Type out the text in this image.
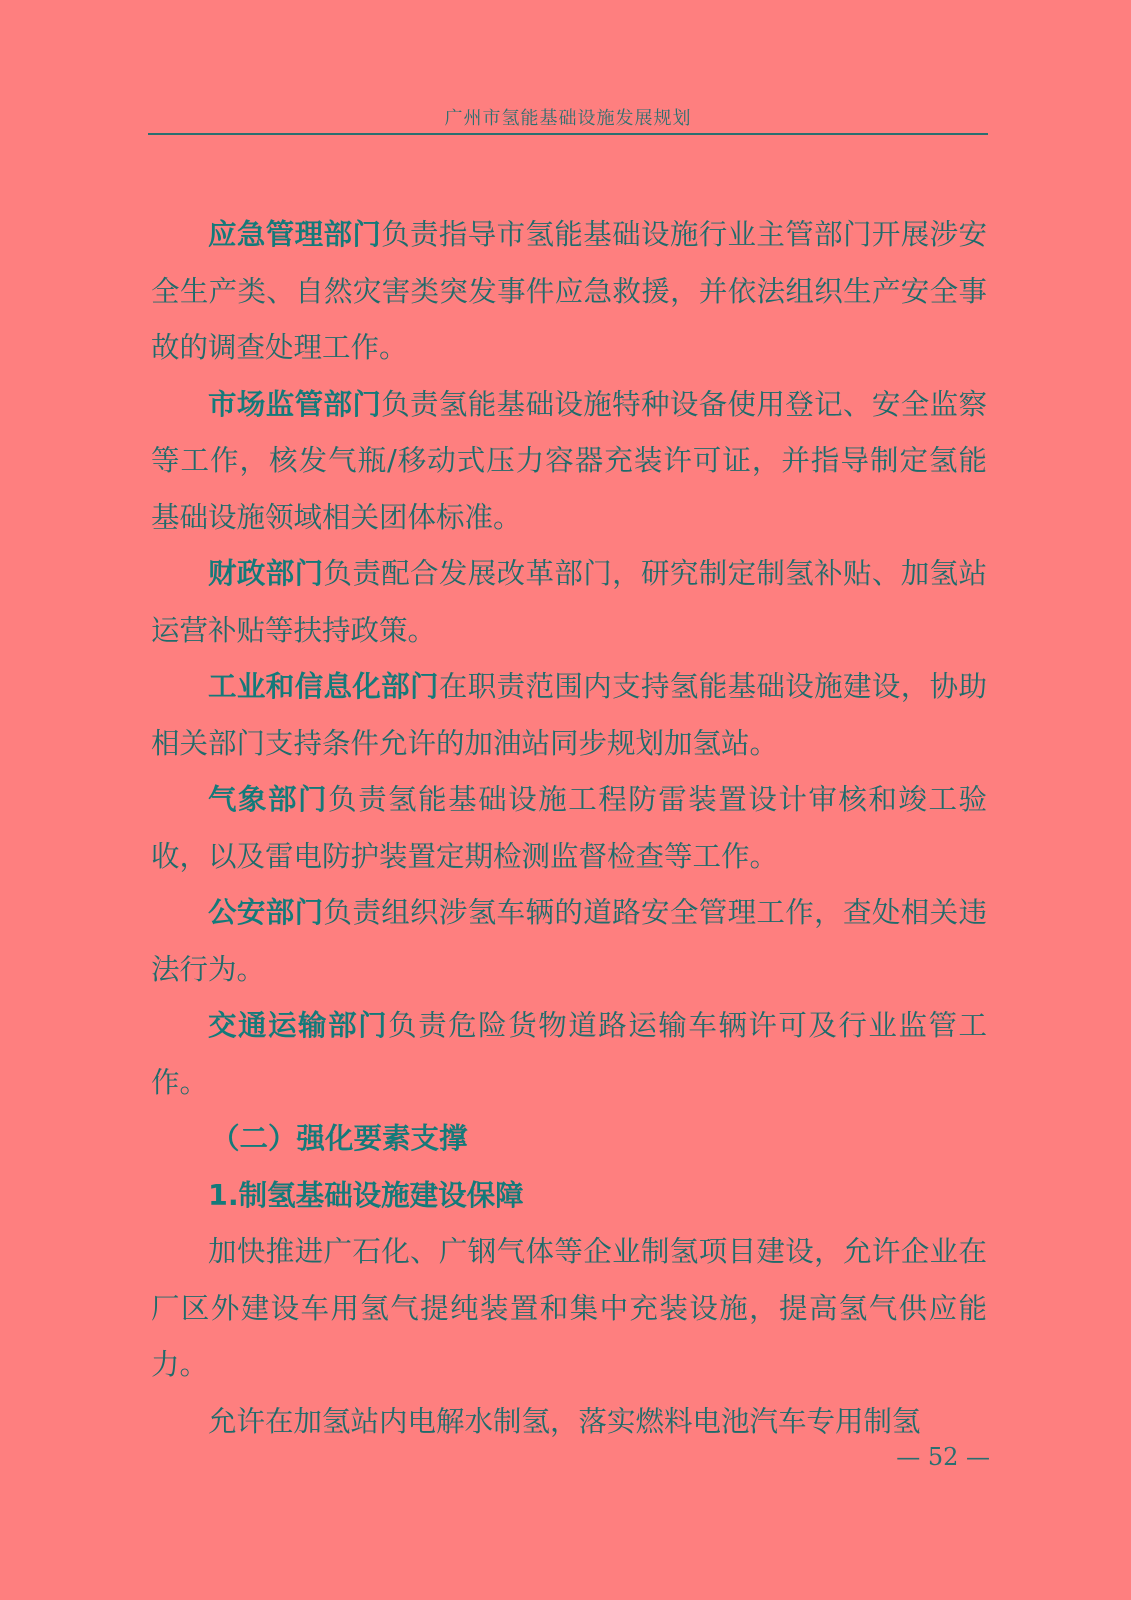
广州市氢能基础设施发展规划

应急管理部门负责指导市氢能基础设施行业主管部门开展涉安全生产类、自然灾害类突发事件应急救援，并依法组织生产安全事故的调查处理工作。

市场监管部门负责氢能基础设施特种设备使用登记、安全监察等工作，核发气瓶/移动式压力容器充装许可证，并指导制定氢能基础设施领域相关团体标准。

财政部门负责配合发展改革部门，研究制定制氢补贴、加氢站运营补贴等扶持政策。

工业和信息化部门在职责范围内支持氢能基础设施建设，协助相关部门支持条件允许的加油站同步规划加氢站。

气象部门负责氢能基础设施工程防雷装置设计审核和竣工验收，以及雷电防护装置定期检测监督检查等工作。

公安部门负责组织涉氢车辆的道路安全管理工作，查处相关违法行为。

交通运输部门负责危险货物道路运输车辆许可及行业监管工作。

（二）强化要素支撑
1.制氢基础设施建设保障

加快推进广石化、广钢气体等企业制氢项目建设，允许企业在厂区外建设车用氢气提纯装置和集中充装设施，提高氢气供应能力。

允许在加氢站内电解水制氢，落实燃料电池汽车专用制氢

— 52 —
